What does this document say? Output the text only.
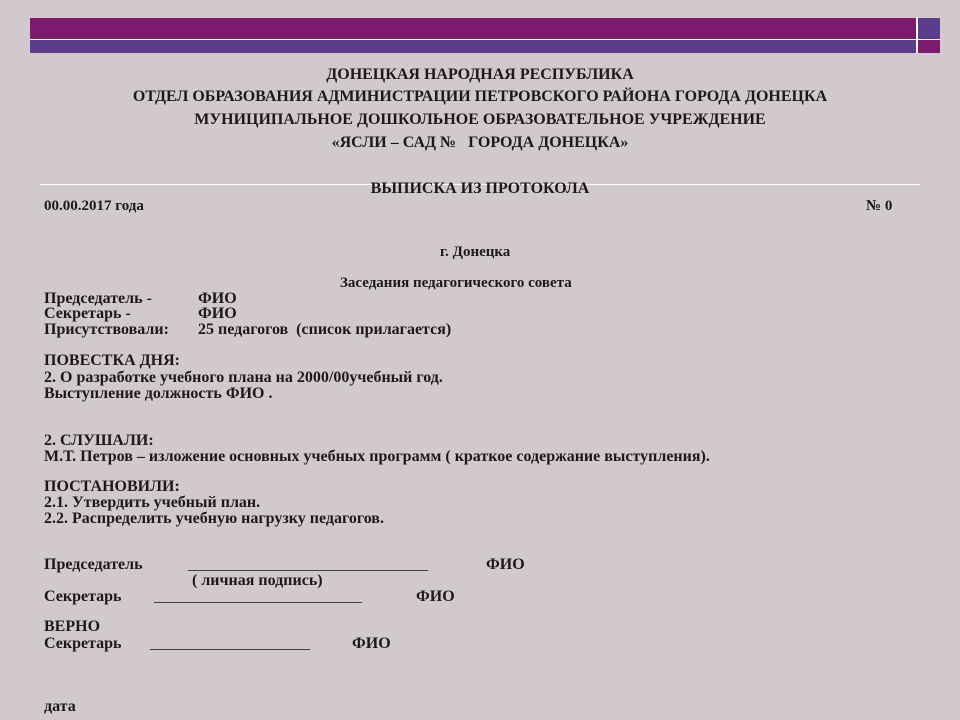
ДОНЕЦКАЯ НАРОДНАЯ РЕСПУБЛИКА
ОТДЕЛ ОБРАЗОВАНИЯ АДМИНИСТРАЦИИ ПЕТРОВСКОГО РАЙОНА ГОРОДА ДОНЕЦКА
МУНИЦИПАЛЬНОЕ ДОШКОЛЬНОЕ ОБРАЗОВАТЕЛЬНОЕ УЧРЕЖДЕНИЕ
«ЯСЛИ – САД №   ГОРОДА ДОНЕЦКА»
ВЫПИСКА ИЗ ПРОТОКОЛА
00.00.2017 года	№ 0
г. Донецка
Заседания педагогического совета
Председатель -	ФИО
Секретарь -	ФИО
Присутствовали: 25 педагогов  (список прилагается)
ПОВЕСТКА ДНЯ:
2. О разработке учебного плана на 2000/00учебный год.
Выступление должность ФИО .
2. СЛУШАЛИ:
М.Т. Петров – изложение основных учебных программ ( краткое содержание выступления).
ПОСТАНОВИЛИ:
2.1. Утвердить учебный план.
2.2. Распределить учебную нагрузку педагогов.
Председатель	______________________________	ФИО
( личная подпись)
Секретарь __________________________	ФИО
ВЕРНО
Секретарь ____________________	ФИО
дата
